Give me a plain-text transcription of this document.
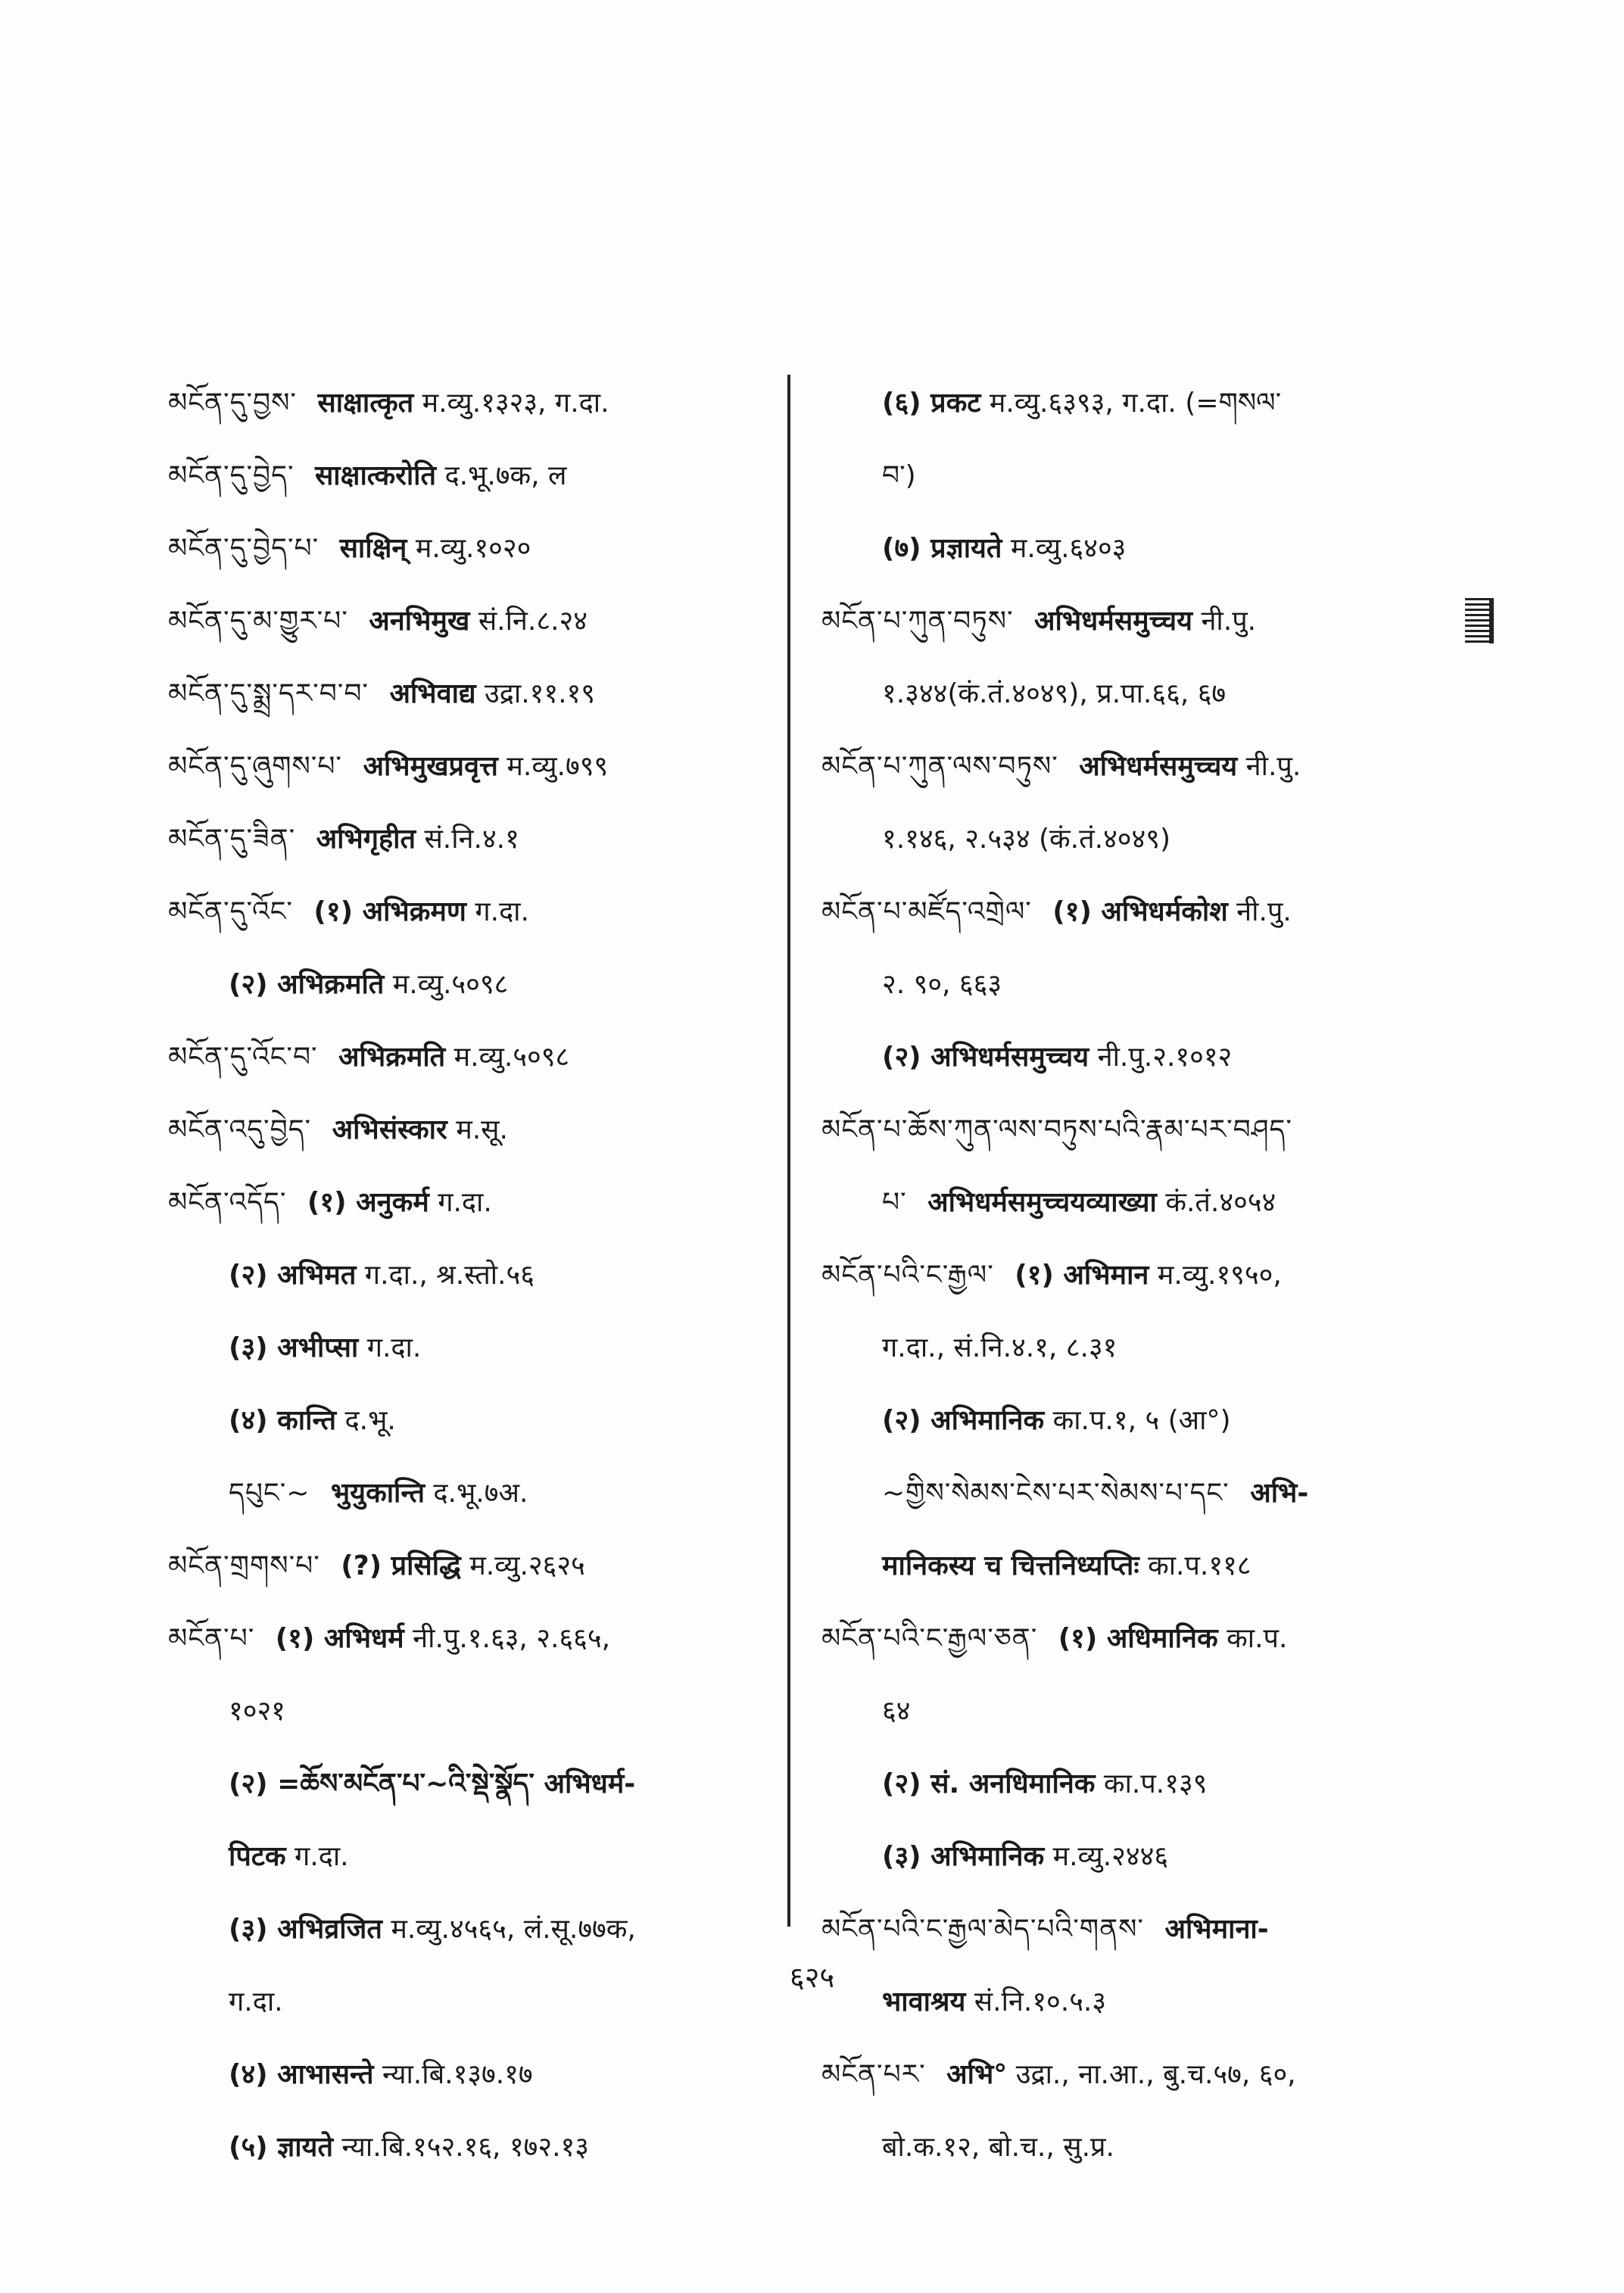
མངོན་དུ་བྱས་ साक्षात्कृत म.व्यु.१३२३, ग.दा.
མངོན་དུ་བྱེད་ साक्षात्करोति द.भू.७क, ल
མངོན་དུ་བྱེད་པ་ साक्षिन् म.व्यु.१०२०
མངོན་དུ་མ་གྱུར་པ་ अनभिमुख सं.नि.८.२४
མངོན་དུ་སྨྲ་དར་བ་བ་ अभिवाद्य उद्रा.११.१९
མངོན་དུ་ཞུགས་པ་ अभिमुखप्रवृत्त म.व्यु.७९९
མངོན་དུ་ཟིན་ अभिगृहीत सं.नि.४.१
མངོན་དུ་འོང་ (१) अभिक्रमण ग.दा.
(२) अभिक्रमति म.व्यु.५०९८
མངོན་དུ་འོང་བ་ अभिक्रमति म.व्यु.५०९८
མངོན་འདུ་བྱེད་ अभिसंस्कार म.सू.
མངོན་འདོད་ (१) अनुकर्म ग.दा.
(२) अभिमत ग.दा., श्र.स्तो.५६
(३) अभीप्सा ग.दा.
(४) कान्ति द.भू.
དཔུང་~ भुयुकान्ति द.भू.७अ.
མངོན་གྲགས་པ་ (?) प्रसिद्धि म.व्यु.२६२५
མངོན་པ་ (१) अभिधर्म नी.पु.१.६३, २.६६५,
१०२१
(२) =ཆོས་མངོན་པ་~འི་སྡེ་སྣོད་ अभिधर्म-
पिटक ग.दा.
(३) अभिव्रजित म.व्यु.४५६५, लं.सू.७७क,
ग.दा.
(४) आभासन्ते न्या.बि.१३७.१७
(५) ज्ञायते न्या.बि.१५२.१६, १७२.१३
(६) प्रकट म.व्यु.६३९३, ग.दा. (=གསལ་
བ་)
(७) प्रज्ञायते म.व्यु.६४०३
མངོན་པ་ཀུན་བཏུས་ अभिधर्मसमुच्चय नी.पु.
१.३४४(कं.तं.४०४९), प्र.पा.६६, ६७
མངོན་པ་ཀུན་ལས་བཏུས་ अभिधर्मसमुच्चय नी.पु.
१.१४६, २.५३४ (कं.तं.४०४९)
མངོན་པ་མཛོད་འགྲེལ་ (१) अभिधर्मकोश नी.पु.
२. ९०, ६६३
(२) अभिधर्मसमुच्चय नी.पु.२.१०१२
མངོན་པ་ཆོས་ཀུན་ལས་བཏུས་པའི་རྣམ་པར་བཤད་
པ་ अभिधर्मसमुच्चयव्याख्या कं.तं.४०५४
མངོན་པའི་ང་རྒྱལ་ (१) अभिमान म.व्यु.१९५०,
ग.दा., सं.नि.४.१, ८.३१
(२) अभिमानिक का.प.१, ५ (आ°)
~གྱིས་སེམས་ངེས་པར་སེམས་པ་དང་ अभि-
मानिकस्य च चित्तनिध्यप्तिः का.प.११८
མངོན་པའི་ང་རྒྱལ་ཅན་ (१) अधिमानिक का.प.
६४
(२) सं. अनधिमानिक का.प.१३९
(३) अभिमानिक म.व्यु.२४४६
མངོན་པའི་ང་རྒྱལ་མེད་པའི་གནས་ अभिमाना-
भावाश्रय सं.नि.१०.५.३
མངོན་པར་ अभि° उद्रा., ना.आ., बु.च.५७, ६०,
बो.क.१२, बो.च., सु.प्र.
६२५
